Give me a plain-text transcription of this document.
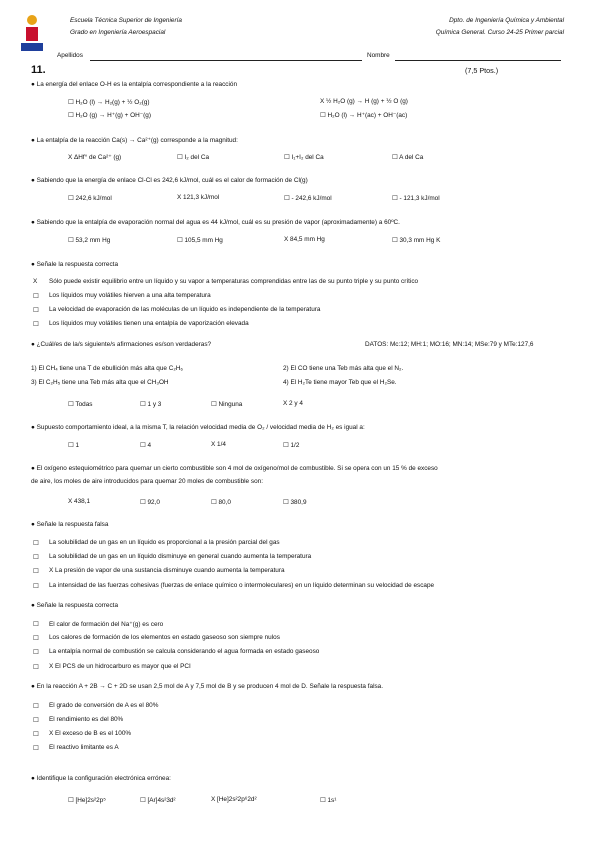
Escuela Técnica Superior de Ingeniería
Grado en Ingeniería Aeroespacial
Dpto. de Ingeniería Química y Ambiental
Química General. Curso 24-25 Primer parcial
Apellidos	Nombre
11.	(7,5 Ptos.)
● La energía del enlace O-H es la entalpía correspondiente a la reacción
☐ H₂O (l) → H₂(g) + ½ O₂(g)	X ½ H₂O (g) → H (g) + ½ O (g)
☐ H₂O (g) → H⁺(g) + OH⁻(g)	☐ H₂O (l) → H⁺(ac) + OH⁻(ac)
● La entalpía de la reacción Ca(s) → Ca²⁺(g) corresponde a la magnitud:
X ΔHf° de Ca²⁺ (g)	☐ I₂ del Ca	☐ I₁+I₂ del Ca	☐ A del Ca
● Sabiendo que la energía de enlace Cl-Cl es 242,6 kJ/mol, cuál es el calor de formación de Cl(g)
☐ 242,6 kJ/mol	X 121,3 kJ/mol	☐ - 242,6 kJ/mol	☐ - 121,3 kJ/mol
● Sabiendo que la entalpía de evaporación normal del agua es 44 kJ/mol, cuál es su presión de vapor (aproximadamente) a 60ºC.
☐ 53,2 mm Hg	☐ 105,5 mm Hg	X 84,5 mm Hg	☐ 30,3 mm Hg K
● Señale la respuesta correcta
X Sólo puede existir equilibrio entre un líquido y su vapor a temperaturas comprendidas entre las de su punto triple y su punto crítico
☐ Los líquidos muy volátiles hierven a una alta temperatura
☐ La velocidad de evaporación de las moléculas de un líquido es independiente de la temperatura
☐ Los líquidos muy volátiles tienen una entalpía de vaporización elevada
● ¿Cuál/es de la/s siguiente/s afirmaciones es/son verdaderas?	DATOS: Mc:12; MH:1; MO:16; MN:14; MSe:79 y MTe:127,6
1) El CH₄ tiene una T de ebullición más alta que C₂H₆	2) El CO tiene una Teb más alta que el N₂.
3) El C₂H₅ tiene una Teb más alta que el CH₃OH	4) El H₂Te tiene mayor Teb que el H₂Se.
☐ Todas	☐ 1 y 3	☐ Ninguna	X 2 y 4
● Supuesto comportamiento ideal, a la misma T, la relación velocidad media de O₂ / velocidad media de H₂ es igual a:
☐ 1	☐ 4	X 1/4	☐ 1/2
● El oxígeno estequiométrico para quemar un cierto combustible son 4 mol de oxígeno/mol de combustible. Si se opera con un 15 % de exceso
de aire, los moles de aire introducidos para quemar 20 moles de combustible son:
X 438,1	☐ 92,0	☐ 80,0	☐ 380,9
● Señale la respuesta falsa
☐ La solubilidad de un gas en un líquido es proporcional a la presión parcial del gas
☐ La solubilidad de un gas en un líquido disminuye en general cuando aumenta la temperatura
☐ X La presión de vapor de una sustancia disminuye cuando aumenta la temperatura
☐ La intensidad de las fuerzas cohesivas (fuerzas de enlace químico o intermoleculares) en un líquido determinan su velocidad de escape
● Señale la respuesta correcta
☐ El calor de formación del Na⁺(g) es cero
☐ Los calores de formación de los elementos en estado gaseoso son siempre nulos
☐ La entalpía normal de combustión se calcula considerando el agua formada en estado gaseoso
☐ X El PCS de un hidrocarburo es mayor que el PCI
● En la reacción A + 2B → C + 2D se usan 2,5 mol de A y 7,5 mol de B y se producen 4 mol de D. Señale la respuesta falsa.
☐ El grado de conversión de A es el 80%
☐ El rendimiento es del 80%
☐ X El exceso de B es el 100%
☐ El reactivo limitante es A
● Identifique la configuración electrónica errónea:
☐ [He]2s²2p⁵	☐ [Ar]4s²3d²	X [He]2s²2p⁶2d²	☐ 1s¹
